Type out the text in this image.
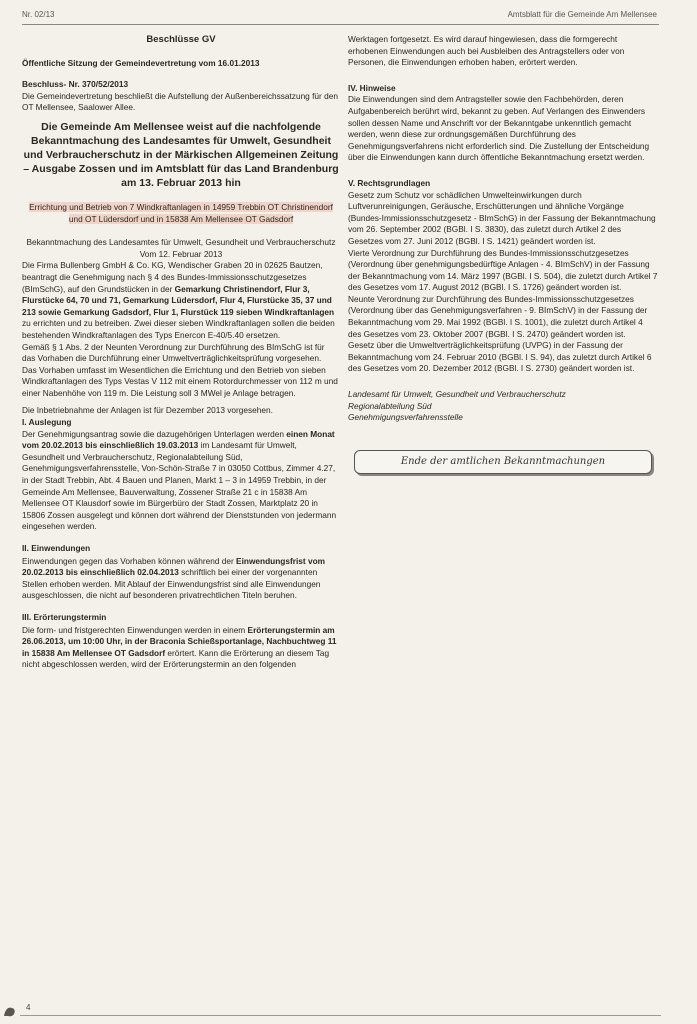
Nr. 02/13	Amtsblatt für die Gemeinde Am Mellensee
Beschlüsse GV

Öffentliche Sitzung der Gemeindevertretung vom 16.01.2013

Beschluss- Nr. 370/52/2013

Die Gemeindevertretung beschließt die Aufstellung der Außenbereichssatzung für den OT Mellensee, Saalower Allee.

Die Gemeinde Am Mellensee weist auf die nachfolgende Bekanntmachung des Landesamtes für Umwelt, Gesundheit und Verbraucherschutz in der Märkischen Allgemeinen Zeitung – Ausgabe Zossen und im Amtsblatt für das Land Brandenburg am 13. Februar 2013 hin

Errichtung und Betrieb von 7 Windkraftanlagen in 14959 Trebbin OT Christinendorf und OT Lüdersdorf und in 15838 Am Mellensee OT Gadsdorf

Bekanntmachung des Landesamtes für Umwelt, Gesundheit und Verbraucherschutz

Vom 12. Februar 2013

Die Firma Bullenberg GmbH & Co. KG, Wendischer Graben 20 in 02625 Bautzen, beantragt die Genehmigung nach § 4 des Bundes-Immissionsschutzgesetzes (BImSchG), auf den Grundstücken in der Gemarkung Christinendorf, Flur 3, Flurstücke 64, 70 und 71, Gemarkung Lüdersdorf, Flur 4, Flurstücke 35, 37 und 213 sowie Gemarkung Gadsdorf, Flur 1, Flurstück 119 sieben Windkraftanlagen zu errichten und zu betreiben. Zwei dieser sieben Windkraftanlagen sollen die beiden bestehenden Windkraftanlagen des Typs Enercon E-40/5.40 ersetzen.

Gemäß § 1 Abs. 2 der Neunten Verordnung zur Durchführung des BImSchG ist für das Vorhaben die Durchführung einer Umweltverträglichkeitsprüfung vorgesehen.

Das Vorhaben umfasst im Wesentlichen die Errichtung und den Betrieb von sieben Windkraftanlagen des Typs Vestas V 112 mit einem Rotordurchmesser von 112 m und einer Nabenhöhe von 119 m. Die Leistung soll 3 MWel je Anlage betragen.

Die Inbetriebnahme der Anlagen ist für Dezember 2013 vorgesehen.

I. Auslegung

Der Genehmigungsantrag sowie die dazugehörigen Unterlagen werden einen Monat vom 20.02.2013 bis einschließlich 19.03.2013 im Landesamt für Umwelt, Gesundheit und Verbraucherschutz, Regionalabteilung Süd, Genehmigungsverfahrensstelle, Von-Schön-Straße 7 in 03050 Cottbus, Zimmer 4.27, in der Stadt Trebbin, Abt. 4 Bauen und Planen, Markt 1 – 3 in 14959 Trebbin, in der Gemeinde Am Mellensee, Bauverwaltung, Zossener Straße 21 c in 15838 Am Mellensee OT Klausdorf sowie im Bürgerbüro der Stadt Zossen, Marktplatz 20 in 15806 Zossen ausgelegt und können dort während der Dienststunden von jedermann eingesehen werden.

II. Einwendungen

Einwendungen gegen das Vorhaben können während der Einwendungsfrist vom 20.02.2013 bis einschließlich 02.04.2013 schriftlich bei einer der vorgenannten Stellen erhoben werden. Mit Ablauf der Einwendungsfrist sind alle Einwendungen ausgeschlossen, die nicht auf besonderen privatrechtlichen Titeln beruhen.

III. Erörterungstermin

Die form- und fristgerechten Einwendungen werden in einem Erörterungstermin am 26.06.2013, um 10:00 Uhr, in der Braconia Schießsportanlage, Nachbuchtweg 11 in 15838 Am Mellensee OT Gadsdorf erörtert. Kann die Erörterung an diesem Tag nicht abgeschlossen werden, wird der Erörterungstermin an den folgenden

Werktagen fortgesetzt. Es wird darauf hingewiesen, dass die formgerecht erhobenen Einwendungen auch bei Ausbleiben des Antragstellers oder von Personen, die Einwendungen erhoben haben, erörtert werden.

IV. Hinweise

Die Einwendungen sind dem Antragsteller sowie den Fachbehörden, deren Aufgabenbereich berührt wird, bekannt zu geben. Auf Verlangen des Einwenders sollen dessen Name und Anschrift vor der Bekanntgabe unkenntlich gemacht werden, wenn diese zur ordnungsgemäßen Durchführung des Genehmigungsverfahrens nicht erforderlich sind. Die Zustellung der Entscheidung über die Einwendungen kann durch öffentliche Bekanntmachung ersetzt werden.

V. Rechtsgrundlagen

Gesetz zum Schutz vor schädlichen Umwelteinwirkungen durch Luftverunreinigungen, Geräusche, Erschütterungen und ähnliche Vorgänge (Bundes-Immissionsschutzgesetz - BImSchG) in der Fassung der Bekanntmachung vom 26. September 2002 (BGBl. I S. 3830), das zuletzt durch Artikel 2 des Gesetzes vom 27. Juni 2012 (BGBl. I S. 1421) geändert worden ist.

Vierte Verordnung zur Durchführung des Bundes-Immissionsschutzgesetzes (Verordnung über genehmigungsbedürftige Anlagen - 4. BImSchV) in der Fassung der Bekanntmachung vom 14. März 1997 (BGBl. I S. 504), die zuletzt durch Artikel 7 des Gesetzes vom 17. August 2012 (BGBl. I S. 1726) geändert worden ist.

Neunte Verordnung zur Durchführung des Bundes-Immissionsschutzgesetzes (Verordnung über das Genehmigungsverfahren - 9. BImSchV) in der Fassung der Bekanntmachung vom 29. Mai 1992 (BGBl. I S. 1001), die zuletzt durch Artikel 4 des Gesetzes vom 23. Oktober 2007 (BGBl. I S. 2470) geändert worden ist.

Gesetz über die Umweltverträglichkeitsprüfung (UVPG) in der Fassung der Bekanntmachung vom 24. Februar 2010 (BGBl. I S. 94), das zuletzt durch Artikel 6 des Gesetzes vom 20. Dezember 2012 (BGBl. I S. 2730) geändert worden ist.

Landesamt für Umwelt, Gesundheit und Verbraucherschutz
Regionalabteilung Süd
Genehmigungsverfahrensstelle
Ende der amtlichen Bekanntmachungen
4
